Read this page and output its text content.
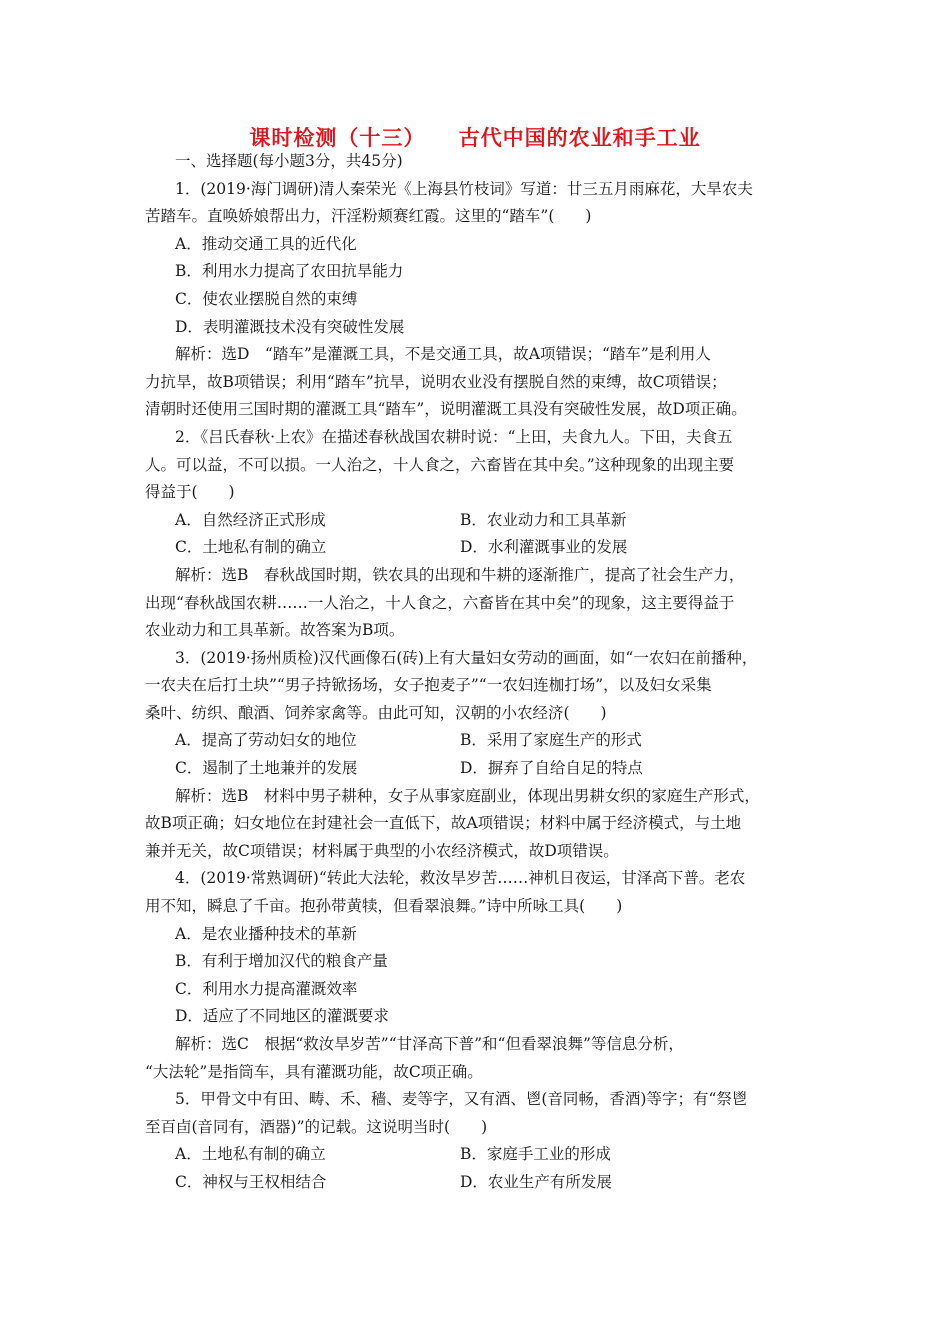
课时检测（十三）    古代中国的农业和手工业
一、选择题(每小题3分，共45分)
1．(2019·海门调研)清人秦荣光《上海县竹枝词》写道：廿三五月雨麻花，大旱农夫
苦踏车。直唤娇娘帮出力，汗淫粉颊赛红霞。这里的“踏车”(　　)
A．推动交通工具的近代化
B．利用水力提高了农田抗旱能力
C．使农业摆脱自然的束缚
D．表明灌溉技术没有突破性发展
解析：选D　“踏车”是灌溉工具，不是交通工具，故A项错误；“踏车”是利用人
力抗旱，故B项错误；利用“踏车”抗旱，说明农业没有摆脱自然的束缚，故C项错误；
清朝时还使用三国时期的灌溉工具“踏车”，说明灌溉工具没有突破性发展，故D项正确。
2．《吕氏春秋·上农》在描述春秋战国农耕时说：“上田，夫食九人。下田，夫食五
人。可以益，不可以损。一人治之，十人食之，六畜皆在其中矣。”这种现象的出现主要
得益于(　　)
A．自然经济正式形成	B．农业动力和工具革新
C．土地私有制的确立	D．水利灌溉事业的发展
解析：选B　春秋战国时期，铁农具的出现和牛耕的逐渐推广，提高了社会生产力，
出现“春秋战国农耕……一人治之，十人食之，六畜皆在其中矣”的现象，这主要得益于
农业动力和工具革新。故答案为B项。
3．(2019·扬州质检)汉代画像石(砖)上有大量妇女劳动的画面，如“一农妇在前播种，
一农夫在后打土块”“男子持锨扬场，女子抱麦子”“一农妇连枷打场”，以及妇女采集
桑叶、纺织、酿酒、饲养家禽等。由此可知，汉朝的小农经济(　　)
A．提高了劳动妇女的地位	B．采用了家庭生产的形式
C．遏制了土地兼并的发展	D．摒弃了自给自足的特点
解析：选B　材料中男子耕种，女子从事家庭副业，体现出男耕女织的家庭生产形式，
故B项正确；妇女地位在封建社会一直低下，故A项错误；材料中属于经济模式，与土地
兼并无关，故C项错误；材料属于典型的小农经济模式，故D项错误。
4．(2019·常熟调研)“转此大法轮，救汝旱岁苦……神机日夜运，甘泽高下普。老农
用不知，瞬息了千亩。抱孙带黄犊，但看翠浪舞。”诗中所咏工具(　　)
A．是农业播种技术的革新
B．有利于增加汉代的粮食产量
C．利用水力提高灌溉效率
D．适应了不同地区的灌溉要求
解析：选C　根据“救汝旱岁苦”“甘泽高下普”和“但看翠浪舞”等信息分析，
“大法轮”是指筒车，具有灌溉功能，故C项正确。
5．甲骨文中有田、畴、禾、穑、麦等字，又有酒、鬯(音同畅，香酒)等字；有“祭鬯
至百卣(音同有，酒器)”的记载。这说明当时(　　)
A．土地私有制的确立	B．家庭手工业的形成
C．神权与王权相结合	D．农业生产有所发展
